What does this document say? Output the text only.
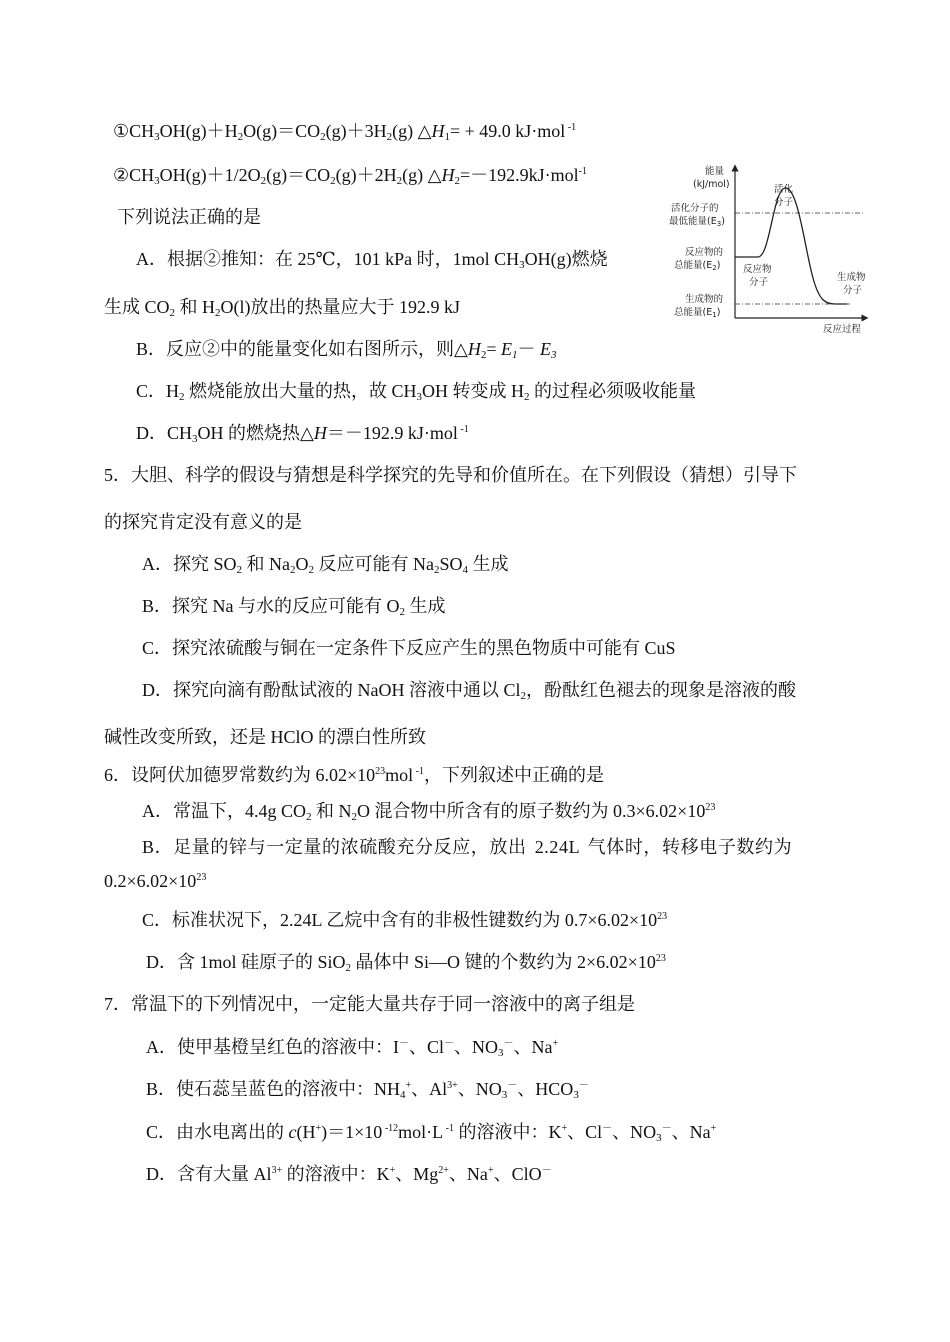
$①CH_3OH(g)+H_2O(g)=CO_2(g)+3H_2(g)$ $\triangle H_1= + 49.0$ kJ·mol $^{-1}$
$②CH_3OH(g)+1/2O_2(g)=CO_2(g)+2H_2(g)$ $\triangle H_2=-192.9kJ\cdot mol^{-1}$
下列说法正确的是
A．根据②推知：在 25℃，101 kPa 时，1mol $CH_3OH(g)$燃烧
生成 $CO_2$ 和 $H_2O(l)$放出的热量应大于 192.9 kJ
B．反应②中的能量变化如右图所示，则$\triangle H_2= E_1- E_3$
C．$H_2$ 燃烧能放出大量的热，故 $CH_3OH$ 转变成 $H_2$ 的过程必须吸收能量
D．$CH_3OH$ 的燃烧热△H＝－192.9 kJ·mol $^{-1}$
能量
(kJ/mol)
活化分子的
最低能量$(E_3)$
反应物的
总能量$(E_2)$
生成物的
总能量$(E_1)$
活化
分子
反应物
分子	生成物
分子
反应过程
5．大胆、科学的假设与猜想是科学探究的先导和价值所在。在下列假设（猜想）引导下
的探究肯定没有意义的是
A．探究 $SO_2$ 和 $Na_2O_2$ 反应可能有 $Na_2SO_4$ 生成
B．探究 Na 与水的反应可能有 $O_2$ 生成
C．探究浓硫酸与铜在一定条件下反应产生的黑色物质中可能有 CuS
D．探究向滴有酚酞试液的 NaOH 溶液中通以 $Cl_2$，酚酞红色褪去的现象是溶液的酸
碱性改变所致，还是 HClO 的漂白性所致
6．设阿伏加德罗常数约为 $6.02\times 10^{23}mol$ $^{-1}$，下列叙述中正确的是
A．常温下，4.4g $CO_2$ 和 $N_2O$ 混合物中所含有的原子数约为 $0.3\times 6.02\times 10^{23}$
B．足量的锌与一定量的浓硫酸充分反应，放出 2.24L 气体时，转移电子数约为
$0.2\times 6.02\times 10^{23}$
C．标准状况下，2.24L 乙烷中含有的非极性键数约为 $0.7\times 6.02\times 10^{23}$
D．含 1mol 硅原子的 SiO$_2$ 晶体中 Si—O 键的个数约为 $2\times 6.02\times 10^{23}$
7．常温下的下列情况中，一定能大量共存于同一溶液中的离子组是
A．使甲基橙呈红色的溶液中：I－、Cl－、$NO_3^-$、Na+
B．使石蕊呈蓝色的溶液中：$NH_4^+$、$Al^{3+}$、$NO_3^-$、$HCO_3^-$
C．由水电离出的 c(H+)＝1×10 $^{-12}$mol·L $^{-1}$ 的溶液中：K+、Cl－、$NO_3^-$、Na+
D．含有大量 $Al^{3+}$ 的溶液中：K+、$Mg^{2+}$、Na+、ClO－
